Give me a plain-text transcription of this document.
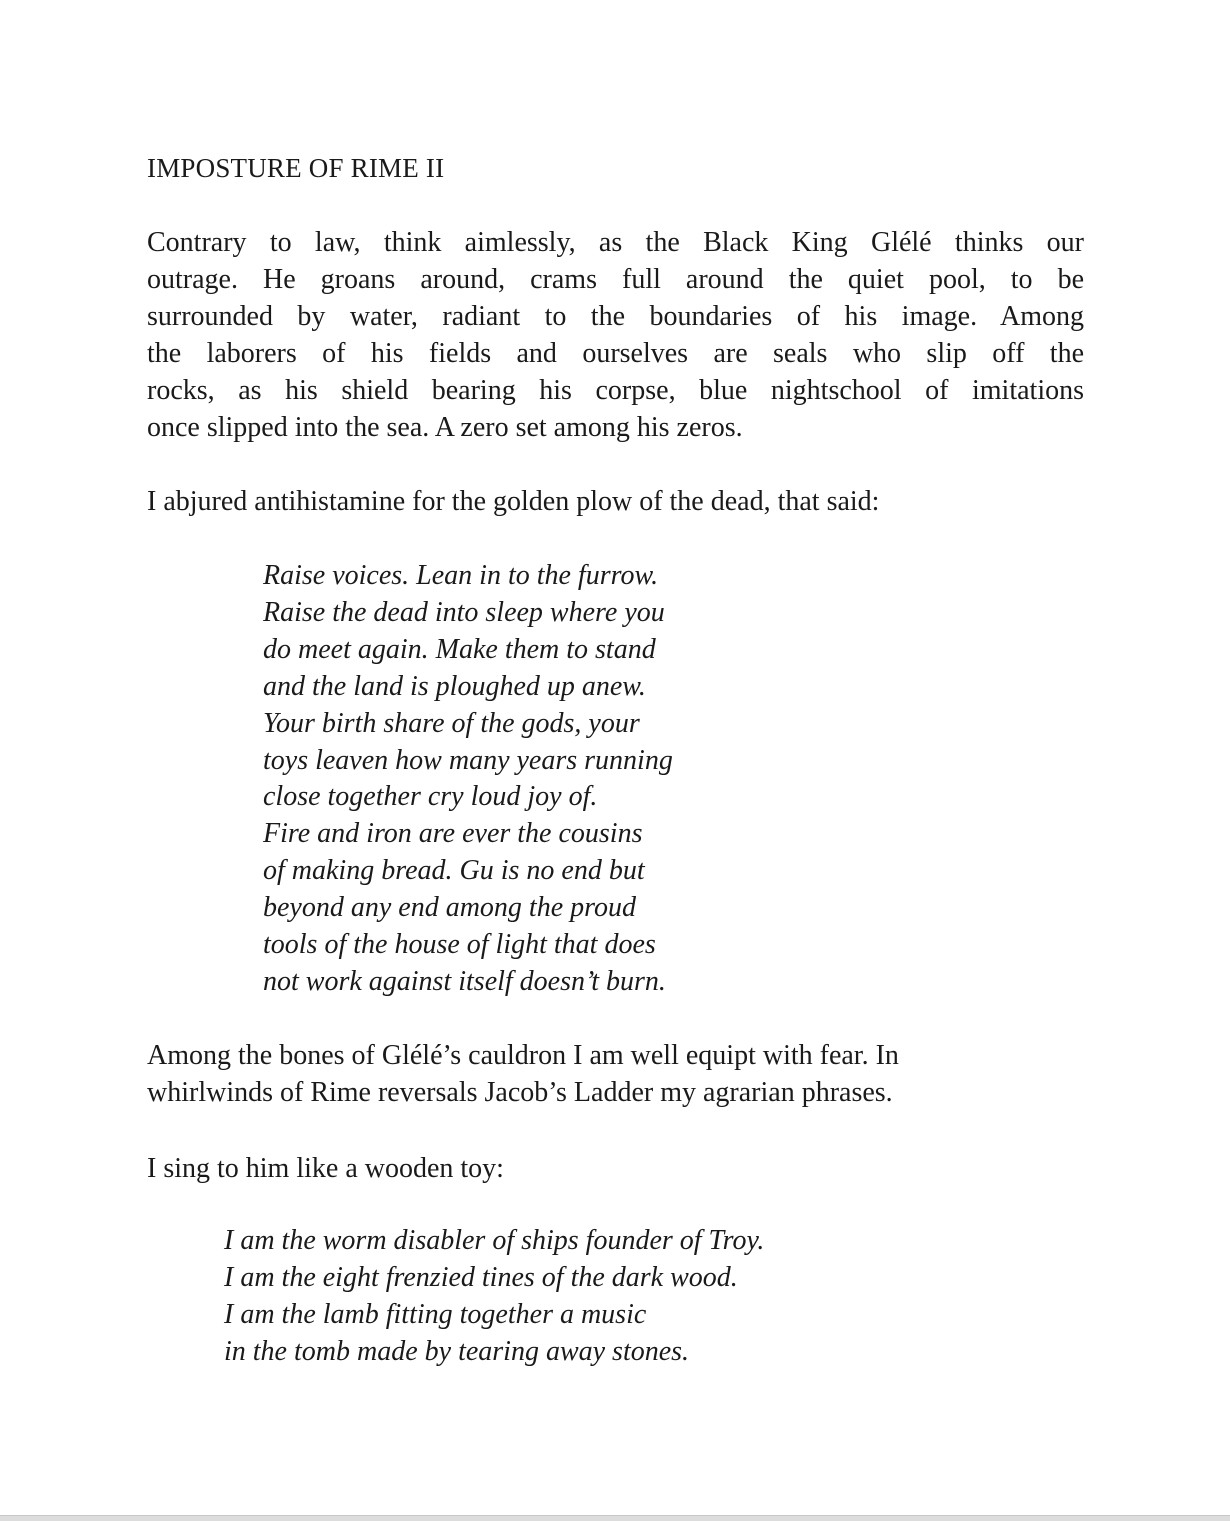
IMPOSTURE OF RIME II
Contrary to law, think aimlessly, as the Black King Glélé thinks our
outrage. He groans around, crams full around the quiet pool, to be
surrounded by water, radiant to the boundaries of his image. Among
the laborers of his fields and ourselves are seals who slip off the
rocks, as his shield bearing his corpse, blue nightschool of imitations
once slipped into the sea. A zero set among his zeros.
I abjured antihistamine for the golden plow of the dead, that said:
Raise voices. Lean in to the furrow.
Raise the dead into sleep where you
do meet again. Make them to stand
and the land is ploughed up anew.
Your birth share of the gods, your
toys leaven how many years running
close together cry loud joy of.
Fire and iron are ever the cousins
of making bread. Gu is no end but
beyond any end among the proud
tools of the house of light that does
not work against itself doesn’t burn.
Among the bones of Glélé’s cauldron I am well equipt with fear. In
whirlwinds of Rime reversals Jacob’s Ladder my agrarian phrases.
I sing to him like a wooden toy:
I am the worm disabler of ships founder of Troy.
I am the eight frenzied tines of the dark wood.
I am the lamb fitting together a music
in the tomb made by tearing away stones.
